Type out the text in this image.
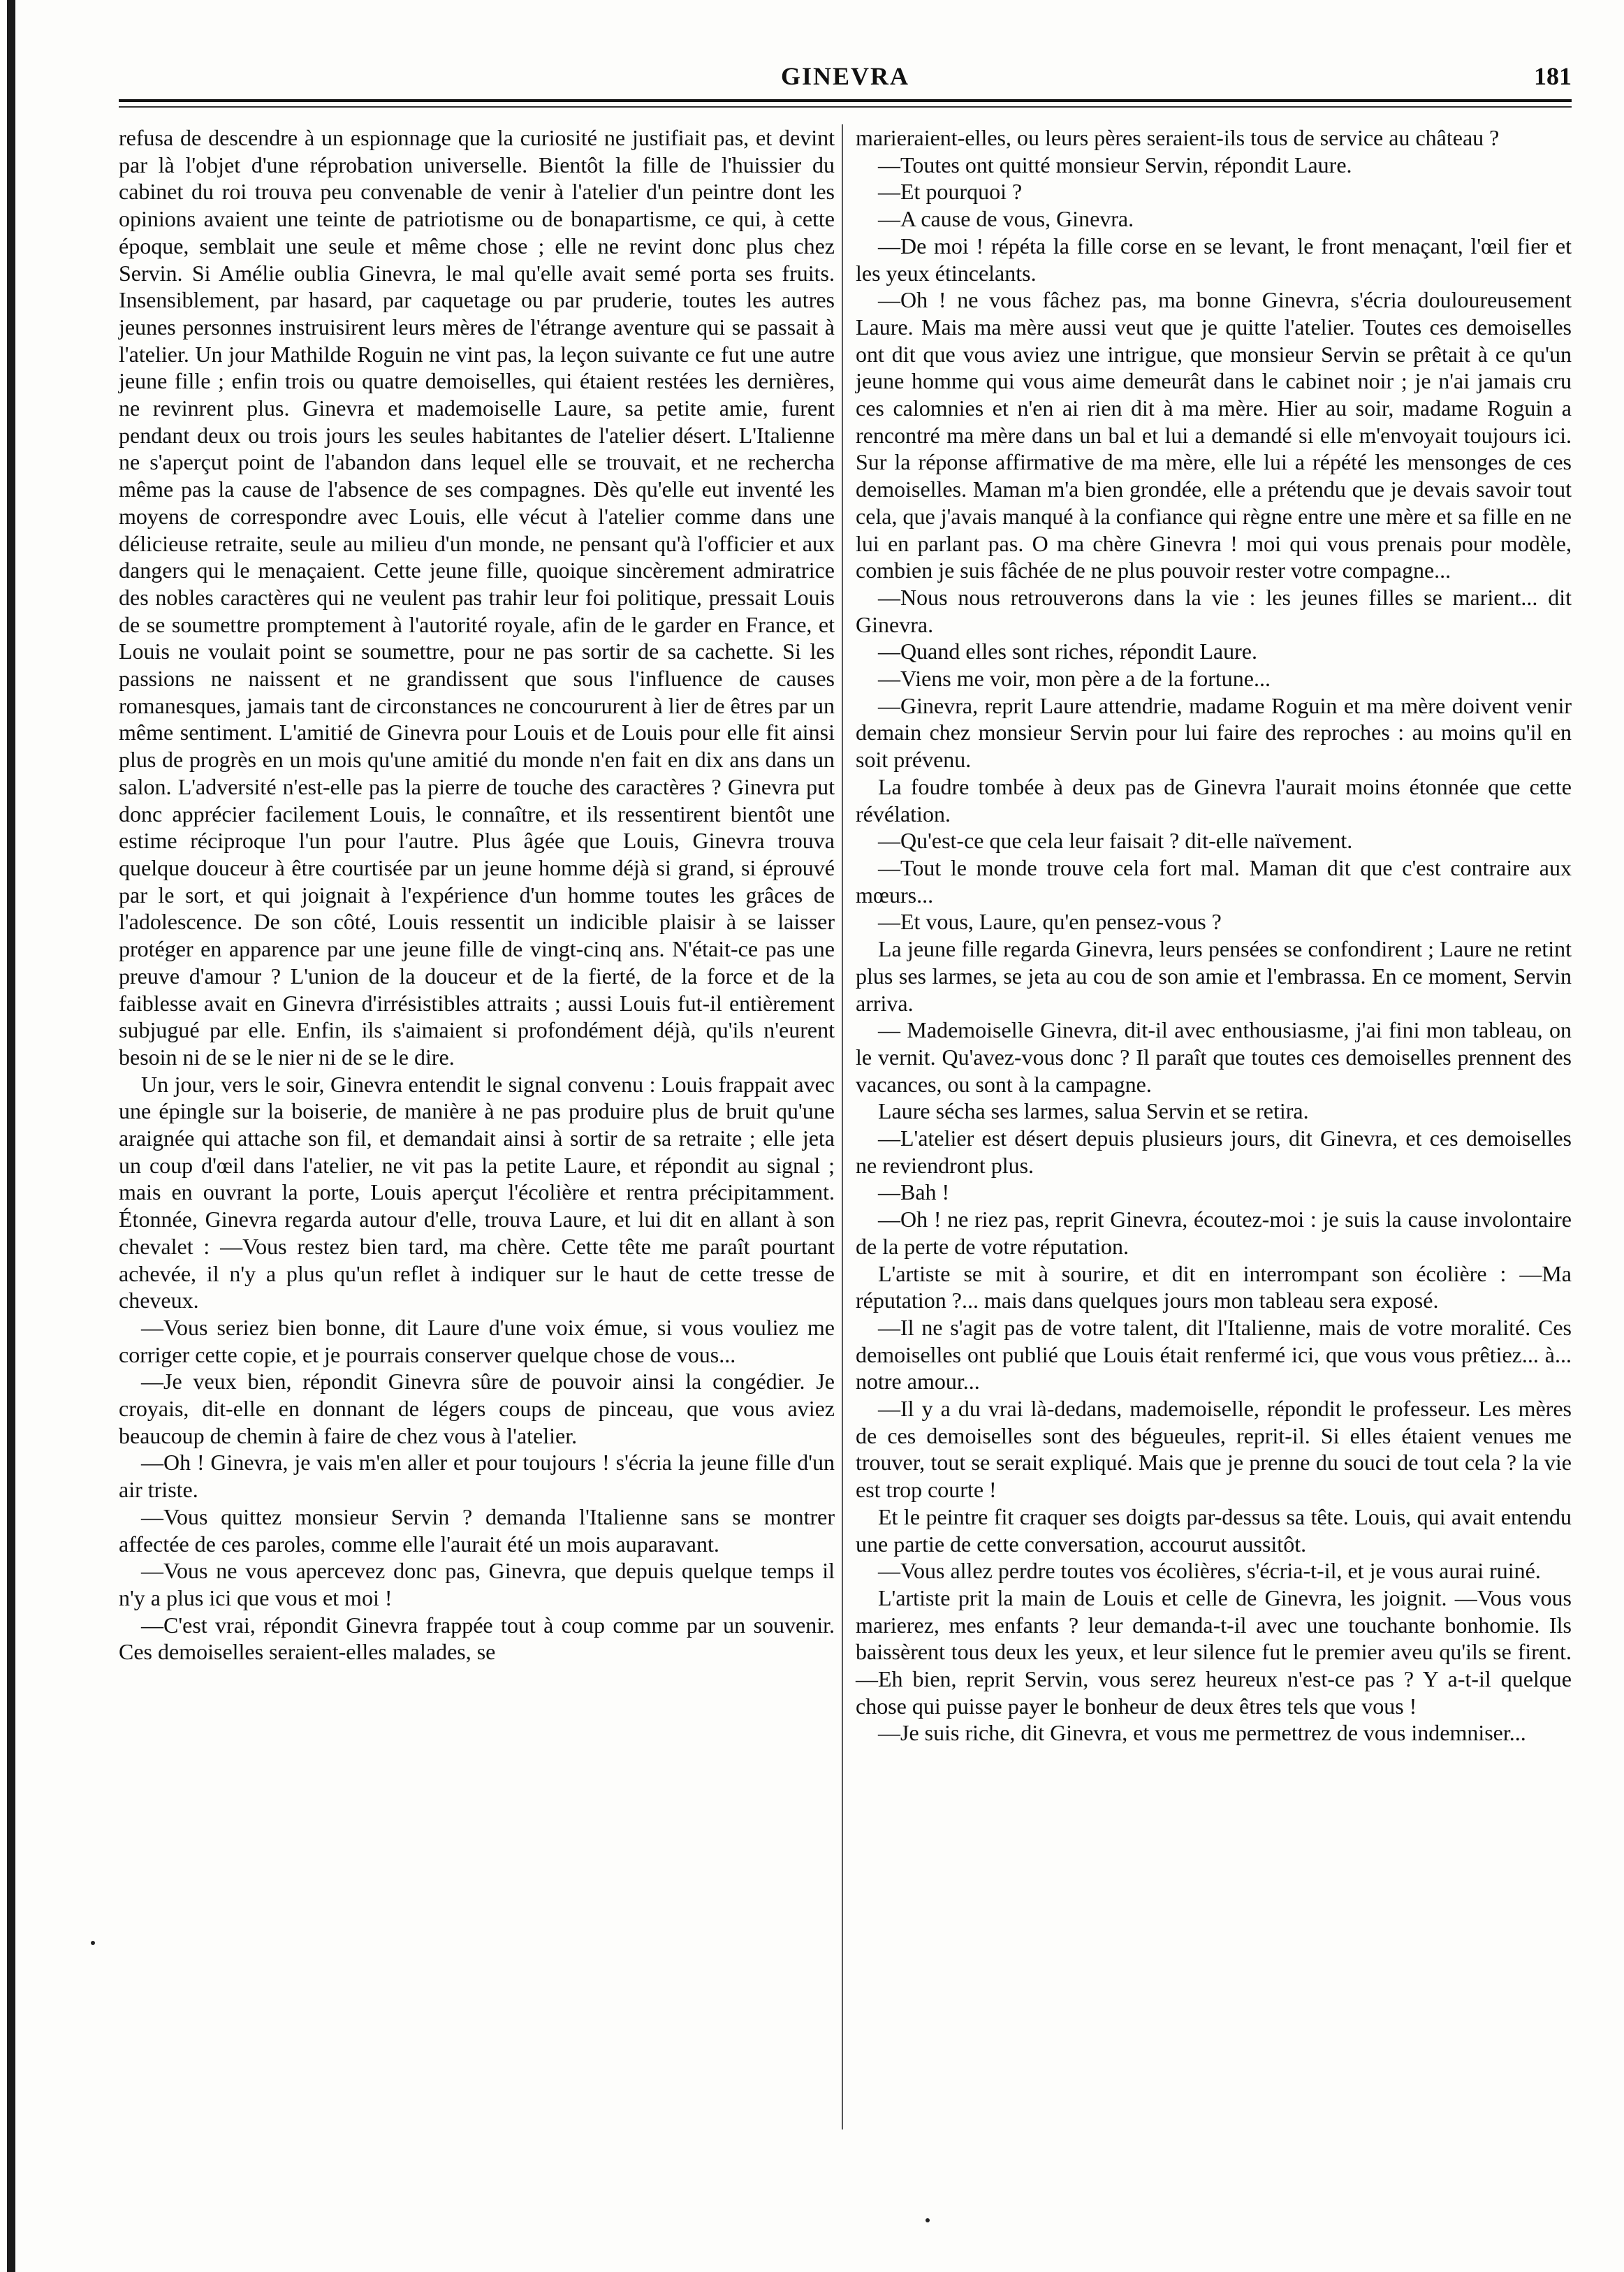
GINEVRA	181

refusa de descendre à un espionnage que la curiosité ne justifiait pas, et devint par là l'objet d'une réprobation universelle. Bientôt la fille de l'huissier du cabinet du roi trouva peu convenable de venir à l'atelier d'un peintre dont les opinions avaient une teinte de patriotisme ou de bonapartisme, ce qui, à cette époque, semblait une seule et même chose ; elle ne revint donc plus chez Servin. Si Amélie oublia Ginevra, le mal qu'elle avait semé porta ses fruits. Insensiblement, par hasard, par caquetage ou par pruderie, toutes les autres jeunes personnes instruisirent leurs mères de l'étrange aventure qui se passait à l'atelier. Un jour Mathilde Roguin ne vint pas, la leçon suivante ce fut une autre jeune fille ; enfin trois ou quatre demoiselles, qui étaient restées les dernières, ne revinrent plus. Ginevra et mademoiselle Laure, sa petite amie, furent pendant deux ou trois jours les seules habitantes de l'atelier désert. L'Italienne ne s'aperçut point de l'abandon dans lequel elle se trouvait, et ne rechercha même pas la cause de l'absence de ses compagnes. Dès qu'elle eut inventé les moyens de correspondre avec Louis, elle vécut à l'atelier comme dans une délicieuse retraite, seule au milieu d'un monde, ne pensant qu'à l'officier et aux dangers qui le menaçaient. Cette jeune fille, quoique sincèrement admiratrice des nobles caractères qui ne veulent pas trahir leur foi politique, pressait Louis de se soumettre promptement à l'autorité royale, afin de le garder en France, et Louis ne voulait point se soumettre, pour ne pas sortir de sa cachette. Si les passions ne naissent et ne grandissent que sous l'influence de causes romanesques, jamais tant de circonstances ne concoururent à lier de êtres par un même sentiment. L'amitié de Ginevra pour Louis et de Louis pour elle fit ainsi plus de progrès en un mois qu'une amitié du monde n'en fait en dix ans dans un salon. L'adversité n'est-elle pas la pierre de touche des caractères ? Ginevra put donc apprécier facilement Louis, le connaître, et ils ressentirent bientôt une estime réciproque l'un pour l'autre. Plus âgée que Louis, Ginevra trouva quelque douceur à être courtisée par un jeune homme déjà si grand, si éprouvé par le sort, et qui joignait à l'expérience d'un homme toutes les grâces de l'adolescence. De son côté, Louis ressentit un indicible plaisir à se laisser protéger en apparence par une jeune fille de vingt-cinq ans. N'était-ce pas une preuve d'amour ? L'union de la douceur et de la fierté, de la force et de la faiblesse avait en Ginevra d'irrésistibles attraits ; aussi Louis fut-il entièrement subjugué par elle. Enfin, ils s'aimaient si profondément déjà, qu'ils n'eurent besoin ni de se le nier ni de se le dire.

Un jour, vers le soir, Ginevra entendit le signal convenu : Louis frappait avec une épingle sur la boiserie, de manière à ne pas produire plus de bruit qu'une araignée qui attache son fil, et demandait ainsi à sortir de sa retraite ; elle jeta un coup d'œil dans l'atelier, ne vit pas la petite Laure, et répondit au signal ; mais en ouvrant la porte, Louis aperçut l'écolière et rentra précipitamment. Étonnée, Ginevra regarda autour d'elle, trouva Laure, et lui dit en allant à son chevalet : —Vous restez bien tard, ma chère. Cette tête me paraît pourtant achevée, il n'y a plus qu'un reflet à indiquer sur le haut de cette tresse de cheveux.

—Vous seriez bien bonne, dit Laure d'une voix émue, si vous vouliez me corriger cette copie, et je pourrais conserver quelque chose de vous...

—Je veux bien, répondit Ginevra sûre de pouvoir ainsi la congédier. Je croyais, dit-elle en donnant de légers coups de pinceau, que vous aviez beaucoup de chemin à faire de chez vous à l'atelier.

—Oh ! Ginevra, je vais m'en aller et pour toujours ! s'écria la jeune fille d'un air triste.

—Vous quittez monsieur Servin ? demanda l'Italienne sans se montrer affectée de ces paroles, comme elle l'aurait été un mois auparavant.

—Vous ne vous apercevez donc pas, Ginevra, que depuis quelque temps il n'y a plus ici que vous et moi !

—C'est vrai, répondit Ginevra frappée tout à coup comme par un souvenir. Ces demoiselles seraient-elles malades, se

marieraient-elles, ou leurs pères seraient-ils tous de service au château ?

—Toutes ont quitté monsieur Servin, répondit Laure.

—Et pourquoi ?

—A cause de vous, Ginevra.

—De moi ! répéta la fille corse en se levant, le front menaçant, l'œil fier et les yeux étincelants.

—Oh ! ne vous fâchez pas, ma bonne Ginevra, s'écria douloureusement Laure. Mais ma mère aussi veut que je quitte l'atelier. Toutes ces demoiselles ont dit que vous aviez une intrigue, que monsieur Servin se prêtait à ce qu'un jeune homme qui vous aime demeurât dans le cabinet noir ; je n'ai jamais cru ces calomnies et n'en ai rien dit à ma mère. Hier au soir, madame Roguin a rencontré ma mère dans un bal et lui a demandé si elle m'envoyait toujours ici. Sur la réponse affirmative de ma mère, elle lui a répété les mensonges de ces demoiselles. Maman m'a bien grondée, elle a prétendu que je devais savoir tout cela, que j'avais manqué à la confiance qui règne entre une mère et sa fille en ne lui en parlant pas. O ma chère Ginevra ! moi qui vous prenais pour modèle, combien je suis fâchée de ne plus pouvoir rester votre compagne...

—Nous nous retrouverons dans la vie : les jeunes filles se marient... dit Ginevra.

—Quand elles sont riches, répondit Laure.

—Viens me voir, mon père a de la fortune...

—Ginevra, reprit Laure attendrie, madame Roguin et ma mère doivent venir demain chez monsieur Servin pour lui faire des reproches : au moins qu'il en soit prévenu.

La foudre tombée à deux pas de Ginevra l'aurait moins étonnée que cette révélation.

—Qu'est-ce que cela leur faisait ? dit-elle naïvement.

—Tout le monde trouve cela fort mal. Maman dit que c'est contraire aux mœurs...

—Et vous, Laure, qu'en pensez-vous ?

La jeune fille regarda Ginevra, leurs pensées se confondirent ; Laure ne retint plus ses larmes, se jeta au cou de son amie et l'embrassa. En ce moment, Servin arriva.

— Mademoiselle Ginevra, dit-il avec enthousiasme, j'ai fini mon tableau, on le vernit. Qu'avez-vous donc ? Il paraît que toutes ces demoiselles prennent des vacances, ou sont à la campagne.

Laure sécha ses larmes, salua Servin et se retira.

—L'atelier est désert depuis plusieurs jours, dit Ginevra, et ces demoiselles ne reviendront plus.

—Bah !

—Oh ! ne riez pas, reprit Ginevra, écoutez-moi : je suis la cause involontaire de la perte de votre réputation.

L'artiste se mit à sourire, et dit en interrompant son écolière : —Ma réputation ?... mais dans quelques jours mon tableau sera exposé.

—Il ne s'agit pas de votre talent, dit l'Italienne, mais de votre moralité. Ces demoiselles ont publié que Louis était renfermé ici, que vous vous prêtiez... à... notre amour...

—Il y a du vrai là-dedans, mademoiselle, répondit le professeur. Les mères de ces demoiselles sont des bégueules, reprit-il. Si elles étaient venues me trouver, tout se serait expliqué. Mais que je prenne du souci de tout cela ? la vie est trop courte !

Et le peintre fit craquer ses doigts par-dessus sa tête. Louis, qui avait entendu une partie de cette conversation, accourut aussitôt.

—Vous allez perdre toutes vos écolières, s'écria-t-il, et je vous aurai ruiné.

L'artiste prit la main de Louis et celle de Ginevra, les joignit. —Vous vous marierez, mes enfants ? leur demanda-t-il avec une touchante bonhomie. Ils baissèrent tous deux les yeux, et leur silence fut le premier aveu qu'ils se firent. —Eh bien, reprit Servin, vous serez heureux n'est-ce pas ? Y a-t-il quelque chose qui puisse payer le bonheur de deux êtres tels que vous !

—Je suis riche, dit Ginevra, et vous me permettrez de vous indemniser...
